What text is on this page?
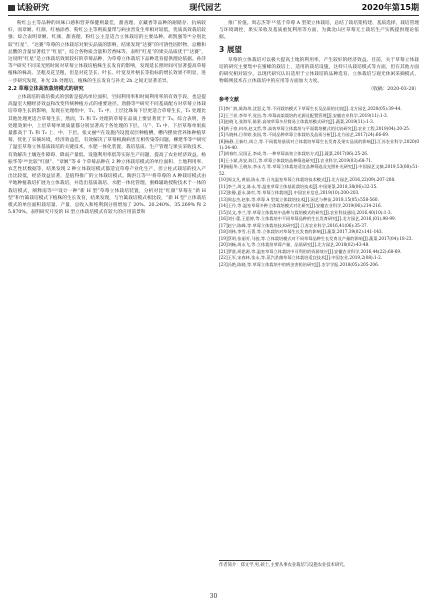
试验研究	现代园艺	2020年第15期

粉红公主等品种的风味口感和营养保健则最佳，甜查理、京藏香等品种的耐储存、抗病较好，而章姬、红颜、红袖添香、粉红公主等则质量带与病虫害发生率相对较低，优质高效栽培较强；综合表明章姬、红颜、甜查理、粉红公主是适合立体栽培的主要品种。胡凯强等⁽⁴⁾分别比较“红星”、“达赛”草莓的立体栽培对果实品质的影响，结果发现“达赛”的可溶性固形物、总糖和总酸的含量显著低于“红星”，综合各物质含量和芳香味等，表明“红星”的果实品质优于“达赛”，这说明“红星”是立体栽培效果较好的草莓品种，为草莓立体栽培下品种选育提供理论依据。孙萍等⁽⁵⁾研究不同采光照时间对草莓立体栽培植株生长发育的影响，发现延长照时间可显著提高草莓植株的株高、茎粗及花茎粗，但是对花茎长、叶长、叶宽及叶柄长等指标的增长效果不明显，进一步研究发现，补光 2h 处理后，植株的生长发育与补光 2h 之间无显著差异。

2.2 草莓立体高效栽培模式的研究

立体栽培的栽培模式的创新是提高单位面积、空间利用率和时间利用率的有效手段，也是提高温室大棚经济效益和改变传统种植方式的重要途径。唐静等⁽⁶⁾研究不同基质配方对草莓立体栽培草莓生长的影响，发现在处理组中，T₁、T₂ 中、上层比珠每下层更适合草莓生长，T₃ 处理比其他处理更适合草莓生长，然而，T₁ 和 T₂ 处理的草莓在品质上要显著优于 T₃。综合表明，各处理效果中，上层草莓单果质量都分别显著高于各处理的下层。马⁽⁷⁾、T₃ 中、下层草莓单果质量都高于 T₁ 和 T₂ 上、中、下层。张文丽⁽⁸⁾在设施内设置双层种植槽，槽内摆放营养钵种植草莓，优化了采摘环境，经济效益佳，有效解决了草莓根腐病害互相传染等问题。柳建华等⁽⁹⁾研究了温室草莓立体基质栽培的关键技术，水肥一体化装置、栽培基质、生产管理与果实采收技术，有效解决土壤连作障碍、降雨产量低、设施利用率低等实际生产问题，提高了农业经济效益。杨振华等⁽¹⁰⁾比较“红颜”、“章姬”等 6 个草莓品种在 2 种立体栽培模式的单位面积、土地利用率、农艺性状数据等，结果发现 2 种立体栽培模式都适宜草莓产业化生产，但立柱式栽培的投入产出比较低，经济效益显著，是值得推广的立体栽培模式。陶洪江等⁽¹¹⁾将草莓的 A 种栽培模式由平地种植栽培扩展为立体栽培，并选出基质栽培、水肥一体化管理、蜜蜂辅助授粉技术于一体的栽培模式，阐释南等⁽¹²⁾设计一种“新 H 型”草莓立体栽培装置，分析对比“红颜”草莓在“新 H 型”和竹篱栽培模式下植株的生长发育，结果发现，与竹篱栽培模式相比较，“新 H 型”立体栽培模式的单位面积栽培量、产量、总收入和纯利润分别增加了 20%、20.240%、35.269% 和 25.870%。表明研究开发的 H 型立体栽培模式有较大的应用前景和

推广价值。周志杰等⁽¹³⁾基于草莓 A 型架立体栽培，总结了栽培架构建、基质选择、栽培管理与环境调控，果实采收及基质重复利用等方面，为冀北山区草莓无土栽培生产实践提供理论依据。

3 展望

草莓的立体栽培可以极大提高土地的利用率，产生较好的经济效益。目前，关于草莓立体栽培的研究主要集中在蜜蜂的栽培上，适用的栽培设施，这样只从栽培模式等方面，但在其他方面的研究相对较少。以现代研究认识适用于立体栽培的品种选育、立体栽培与观光休闲采摘模式、物联网技术在立体栽培中的应用等方面加大力度。

（收稿：2020-03-28）

参考文献
[1]李广波,陈海琼,沈恩文,等.不同栽培模式下草莓生长及品质的比较[J].北方园艺,2020(05):39-44.
[2]王兰祥,李翠平,党昌,等.草莓高架栽培的光源及配置管理[J].安徽农业科学,2019(11):1-3.
[3]赵晓飞,张海军,陈景.高效草莓多层简易立体栽培模式研究[J].蔬菜,2019(11):1-3.
[4]黄子豪,何奇,赵文哲,等.高效草莓立体栽培与平面栽培模式的比较研究[J].农业工程,2019(04):20-25.
[5]马晓林,日翠婷,张国,等.不同品种草莓立体栽培及品质分析[J].北方园艺,2017(24):66-69.
[6]杨静,王新红,周立,等.不同栽培基质对立体栽培草莓生长发育及果实品质的影响[J].江苏农业科学,2020(01):34-40.
[7]胡春红,吴国正,李成,等.一种草莓高效立体栽培方式[J].蔬菜,2017(06):25-26.
[8]王小斌,苏安,陈江,等.草莓立体栽培品种筛选研究[J].农业科学,2019(03):68-71.
[9]杨振华,王晓东,李永力,等.草莓立体栽培适宜品种筛选及光照补光研究[J].中国园艺文摘,2019,53(08):51-52.
[10]周文凡,黄丽,陈永,等.日光温室草莓立体栽培技术模式[J].北方园艺,2016,22(09):207-208.
[11]李兰,周文,陈永,等.温室草莓立体基质栽培技术[J].中国果菜,2018,38(06):32-35.
[12]张静,夏永,陈红,等.草莓立体栽培[J].中国农业信息,2019(10):200-203.
[13]周志杰,赵家,等.草莓 A 型架立体栽培技术[J].园艺与种苗,2018,15(05):558-560.
[14]王丹,等.温室草莓多种立体栽培模式对比研究[J].安徽农业科学,2019(06):214-216.
[15]吴文,李兰,等.草莓立体栽培中品种与栽培模式的研究[J].农业科技通讯,2016,40(10):1-3.
[16]刘小蕾,王思婷,等.立体栽培中不同草莓品种的生长发育研究[J].北方园艺,2016,(01):98-99.
[17]赵宁,陈峰,等.草莓立体栽培技术研究[J].江苏农业科学,2016,41(06):35-37.
[18]刘林,李雪,石菁,等.立体栽培对草莓生长发育的影响[J].蔬菜,2017,39(02):141-143.
[19]蔡明,张丽芳,马骏,等.立体栽培模式对不同草莓品种生长发育及产量的影响[J].蔬菜,2017(04):18-23.
[20]刘畅,周永飞,等.立体栽培草莓产量、品质研究[J].北方园艺,2018(02):43-48.
[21]罗贤,胡思源,等.温室草莓立体栽培中可利用的资源效应[J].安徽农业科学,2016,44(22):68-69.
[22]王军,宋春林,张永,等.蒸汽杀菌草莓立体栽培适宜技术[J].中国农业,2019,2(08):1-2.
[23]冯艳,陈晓,等.草莓立体栽培中的病虫害防治研究[J].农学学报,2018(05):205-206.
作者简介：郑文学,男,硕士,主要从事农业栽培与设施农业技术研究。
30
